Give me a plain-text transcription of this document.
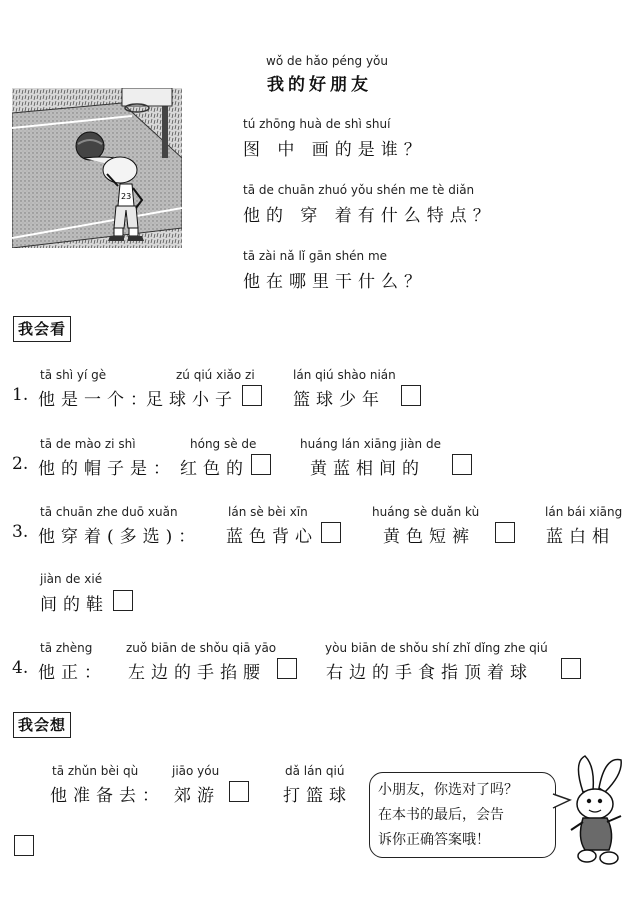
wǒ de hǎo péng yǒu
我的好朋友
tú zhōng huà de shì shuí
图 中 画的是谁？
tā de chuān zhuó yǒu shén me tè diǎn
他的 穿 着有什么特点？
tā zài nǎ lǐ gān shén me
他在哪里干什么？
23
我会看
tā shì yí gè	zú qiú xiǎo zi	lán qiú shào nián
1. 他是一个：
足球小子	篮球少年
tā de mào zi shì	hóng sè de	huáng lán xiāng jiàn de
2. 他的帽子是： 红色的	黄蓝相间的
tā chuān zhe duō xuǎn	lán sè bèi xīn	huáng sè duǎn kù	lán bái xiāng
3. 他穿着(多选)： 蓝色背心	黄色短裤	蓝白相
jiàn de xié
间的鞋
tā zhèng	zuǒ biān de shǒu qiā yāo	yòu biān de shǒu shí zhǐ dǐng zhe qiú
4. 他正： 左边的手掐腰	右边的手食指顶着球
我会想
tā zhǔn bèi qù	jiāo yóu	dǎ lán qiú
他准备去： 郊游	打篮球 小朋友，你选对了吗？
在本书的最后，会告
诉你正确答案哦！
